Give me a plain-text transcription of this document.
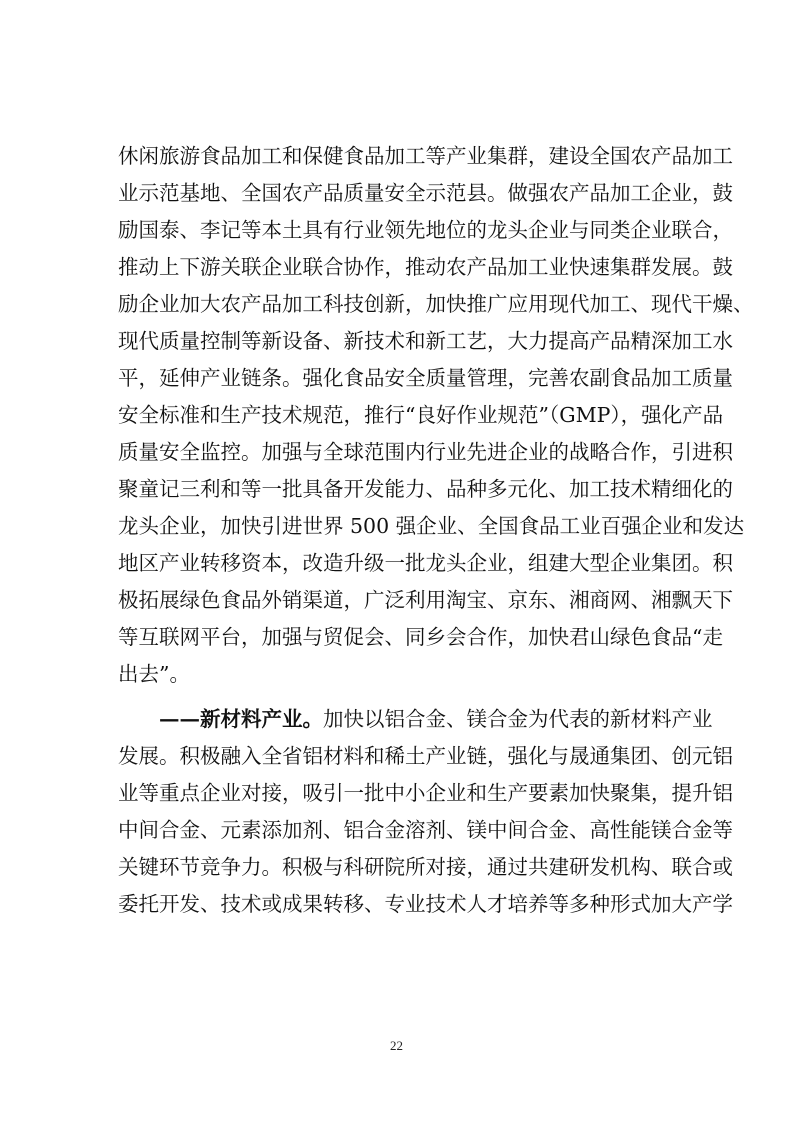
休闲旅游食品加工和保健食品加工等产业集群，建设全国农产品加工
业示范基地、全国农产品质量安全示范县。做强农产品加工企业，鼓
励国泰、李记等本土具有行业领先地位的龙头企业与同类企业联合，
推动上下游关联企业联合协作，推动农产品加工业快速集群发展。鼓
励企业加大农产品加工科技创新，加快推广应用现代加工、现代干燥、
现代质量控制等新设备、新技术和新工艺，大力提高产品精深加工水
平，延伸产业链条。强化食品安全质量管理，完善农副食品加工质量
安全标准和生产技术规范，推行“良好作业规范”（GMP），强化产品
质量安全监控。加强与全球范围内行业先进企业的战略合作，引进积
聚童记三利和等一批具备开发能力、品种多元化、加工技术精细化的
龙头企业，加快引进世界 500 强企业、全国食品工业百强企业和发达
地区产业转移资本，改造升级一批龙头企业，组建大型企业集团。积
极拓展绿色食品外销渠道，广泛利用淘宝、京东、湘商网、湘飘天下
等互联网平台，加强与贸促会、同乡会合作，加快君山绿色食品“走
出去”。
——新材料产业。加快以铝合金、镁合金为代表的新材料产业
发展。积极融入全省铝材料和稀土产业链，强化与晟通集团、创元铝
业等重点企业对接，吸引一批中小企业和生产要素加快聚集，提升铝
中间合金、元素添加剂、铝合金溶剂、镁中间合金、高性能镁合金等
关键环节竞争力。积极与科研院所对接，通过共建研发机构、联合或
委托开发、技术或成果转移、专业技术人才培养等多种形式加大产学
22
